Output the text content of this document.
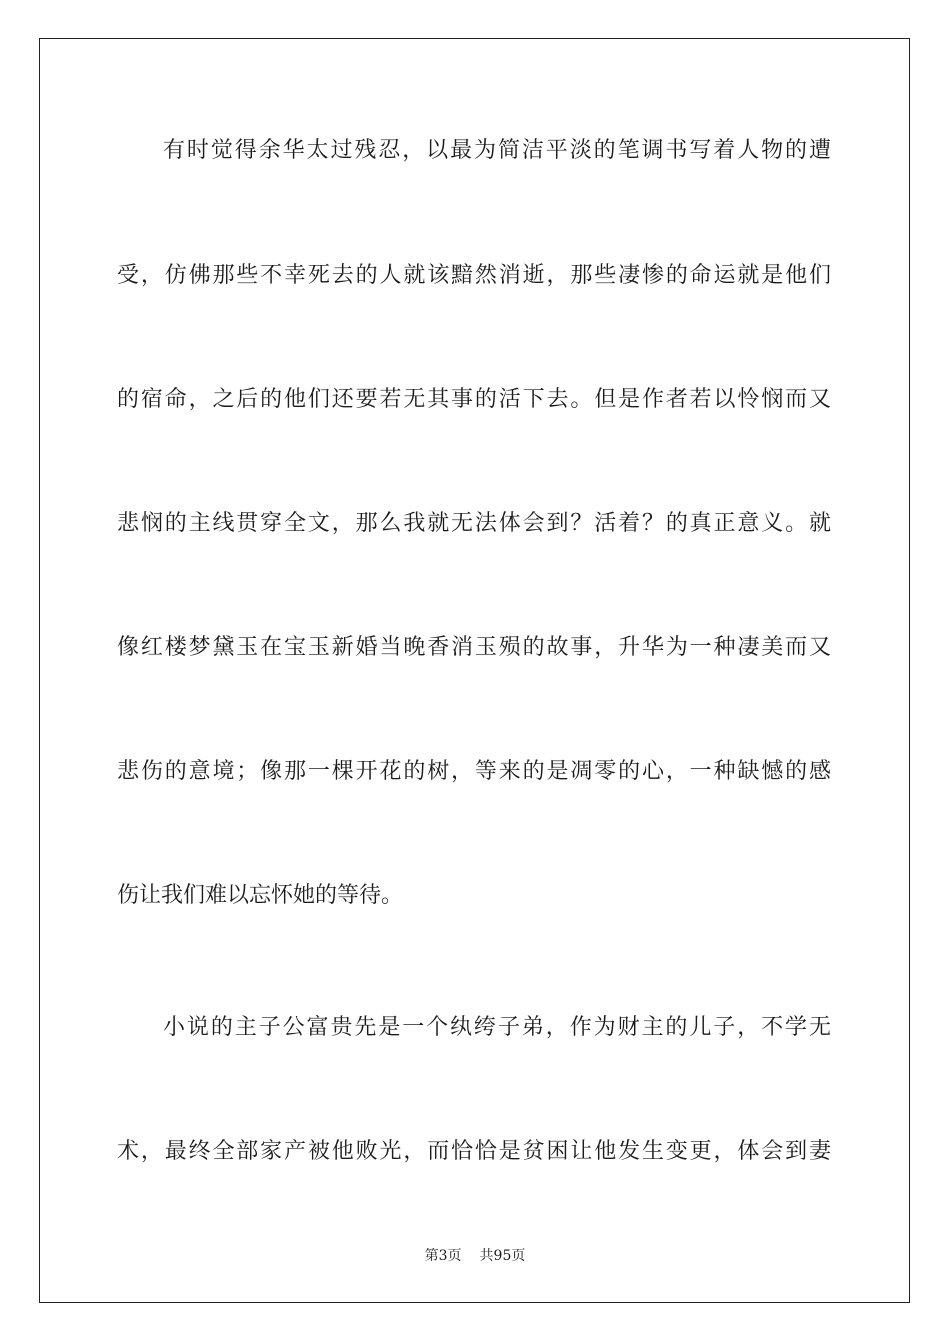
有时觉得余华太过残忍，以最为简洁平淡的笔调书写着人物的遭
受，仿佛那些不幸死去的人就该黯然消逝，那些凄惨的命运就是他们
的宿命，之后的他们还要若无其事的活下去。但是作者若以怜悯而又
悲悯的主线贯穿全文，那么我就无法体会到？活着？的真正意义。就
像红楼梦黛玉在宝玉新婚当晚香消玉殒的故事，升华为一种凄美而又
悲伤的意境；像那一棵开花的树，等来的是凋零的心，一种缺憾的感
伤让我们难以忘怀她的等待。
小说的主子公富贵先是一个纨绔子弟，作为财主的儿子，不学无
术，最终全部家产被他败光，而恰恰是贫困让他发生变更，体会到妻
第3页 共95页
